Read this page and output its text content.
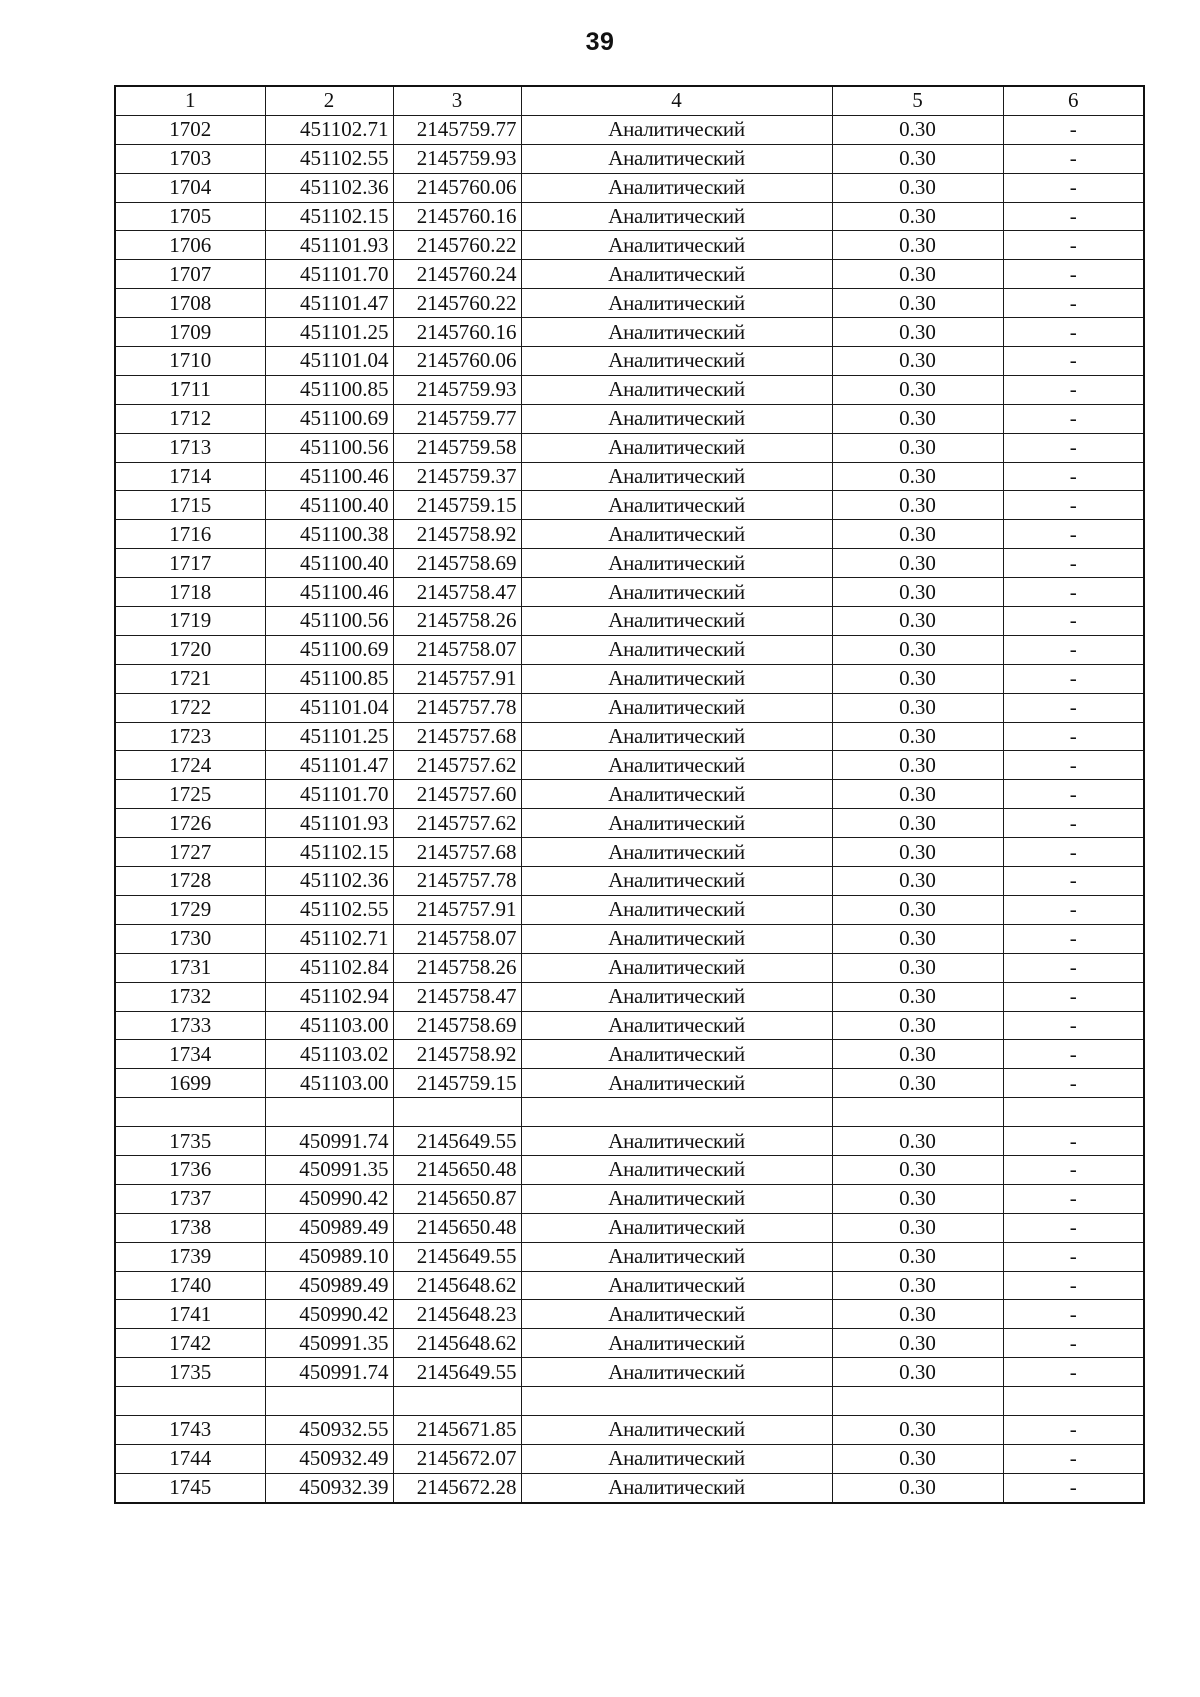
39
1	2	3	4	5	6
1702	451102.71	2145759.77	Аналитический	0.30	-
1703	451102.55	2145759.93	Аналитический	0.30	-
1704	451102.36	2145760.06	Аналитический	0.30	-
1705	451102.15	2145760.16	Аналитический	0.30	-
1706	451101.93	2145760.22	Аналитический	0.30	-
1707	451101.70	2145760.24	Аналитический	0.30	-
1708	451101.47	2145760.22	Аналитический	0.30	-
1709	451101.25	2145760.16	Аналитический	0.30	-
1710	451101.04	2145760.06	Аналитический	0.30	-
1711	451100.85	2145759.93	Аналитический	0.30	-
1712	451100.69	2145759.77	Аналитический	0.30	-
1713	451100.56	2145759.58	Аналитический	0.30	-
1714	451100.46	2145759.37	Аналитический	0.30	-
1715	451100.40	2145759.15	Аналитический	0.30	-
1716	451100.38	2145758.92	Аналитический	0.30	-
1717	451100.40	2145758.69	Аналитический	0.30	-
1718	451100.46	2145758.47	Аналитический	0.30	-
1719	451100.56	2145758.26	Аналитический	0.30	-
1720	451100.69	2145758.07	Аналитический	0.30	-
1721	451100.85	2145757.91	Аналитический	0.30	-
1722	451101.04	2145757.78	Аналитический	0.30	-
1723	451101.25	2145757.68	Аналитический	0.30	-
1724	451101.47	2145757.62	Аналитический	0.30	-
1725	451101.70	2145757.60	Аналитический	0.30	-
1726	451101.93	2145757.62	Аналитический	0.30	-
1727	451102.15	2145757.68	Аналитический	0.30	-
1728	451102.36	2145757.78	Аналитический	0.30	-
1729	451102.55	2145757.91	Аналитический	0.30	-
1730	451102.71	2145758.07	Аналитический	0.30	-
1731	451102.84	2145758.26	Аналитический	0.30	-
1732	451102.94	2145758.47	Аналитический	0.30	-
1733	451103.00	2145758.69	Аналитический	0.30	-
1734	451103.02	2145758.92	Аналитический	0.30	-
1699	451103.00	2145759.15	Аналитический	0.30	-

1735	450991.74	2145649.55	Аналитический	0.30	-
1736	450991.35	2145650.48	Аналитический	0.30	-
1737	450990.42	2145650.87	Аналитический	0.30	-
1738	450989.49	2145650.48	Аналитический	0.30	-
1739	450989.10	2145649.55	Аналитический	0.30	-
1740	450989.49	2145648.62	Аналитический	0.30	-
1741	450990.42	2145648.23	Аналитический	0.30	-
1742	450991.35	2145648.62	Аналитический	0.30	-
1735	450991.74	2145649.55	Аналитический	0.30	-

1743	450932.55	2145671.85	Аналитический	0.30	-
1744	450932.49	2145672.07	Аналитический	0.30	-
1745	450932.39	2145672.28	Аналитический	0.30	-
